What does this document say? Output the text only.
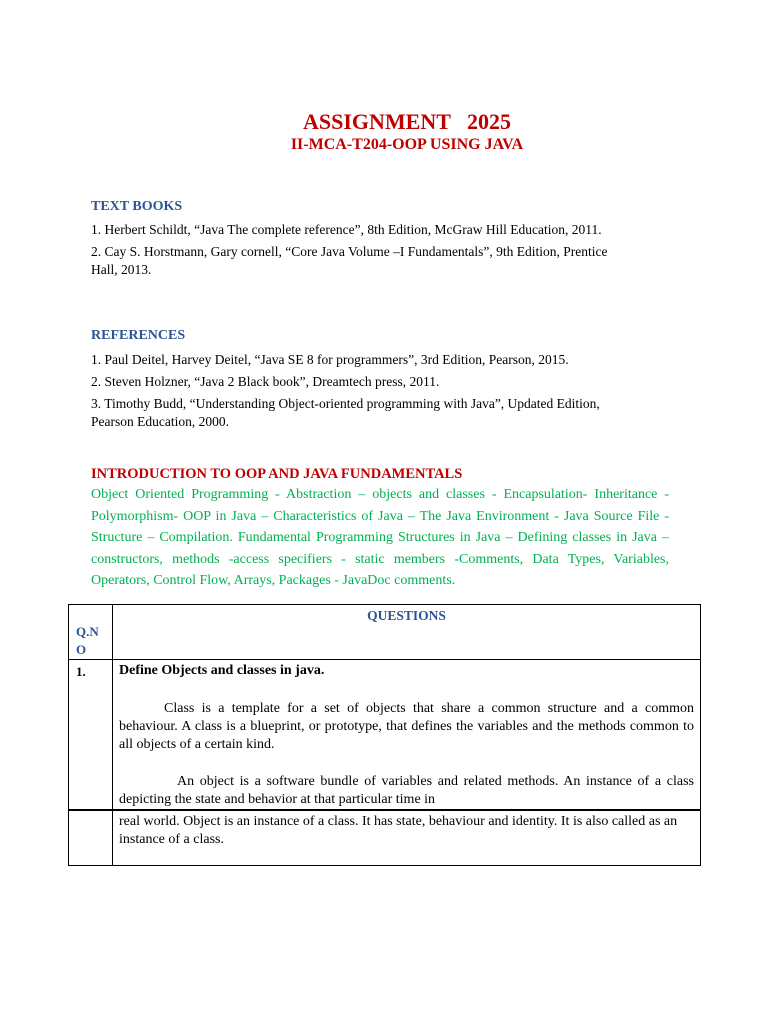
ASSIGNMENT   2025
II-MCA-T204-OOP USING JAVA
TEXT BOOKS
1. Herbert Schildt, “Java The complete reference”, 8th Edition, McGraw Hill Education, 2011.
2. Cay S. Horstmann, Gary cornell, “Core Java Volume –I Fundamentals”, 9th Edition, Prentice Hall, 2013.
REFERENCES
1. Paul Deitel, Harvey Deitel, “Java SE 8 for programmers”, 3rd Edition, Pearson, 2015.
2. Steven Holzner, “Java 2 Black book”, Dreamtech press, 2011.
3. Timothy Budd, “Understanding Object-oriented programming with Java”, Updated Edition, Pearson Education, 2000.
INTRODUCTION TO OOP AND JAVA FUNDAMENTALS
Object Oriented Programming - Abstraction – objects and classes - Encapsulation- Inheritance - Polymorphism- OOP in Java – Characteristics of Java – The Java Environment - Java Source File -Structure – Compilation. Fundamental Programming Structures in Java – Defining classes in Java – constructors, methods -access specifiers - static members -Comments, Data Types, Variables, Operators, Control Flow, Arrays, Packages - JavaDoc comments.
Q.N O	QUESTIONS

1.	Define Objects and classes in java.
Class is a template for a set of objects that share a common structure and a common behaviour. A class is a blueprint, or prototype, that defines the variables and the methods common to all objects of a certain kind.
An object is a software bundle of variables and related methods. An instance of a class depicting the state and behavior at that particular time in

	real world. Object is an instance of a class. It has state, behaviour and identity. It is also called as an instance of a class.
